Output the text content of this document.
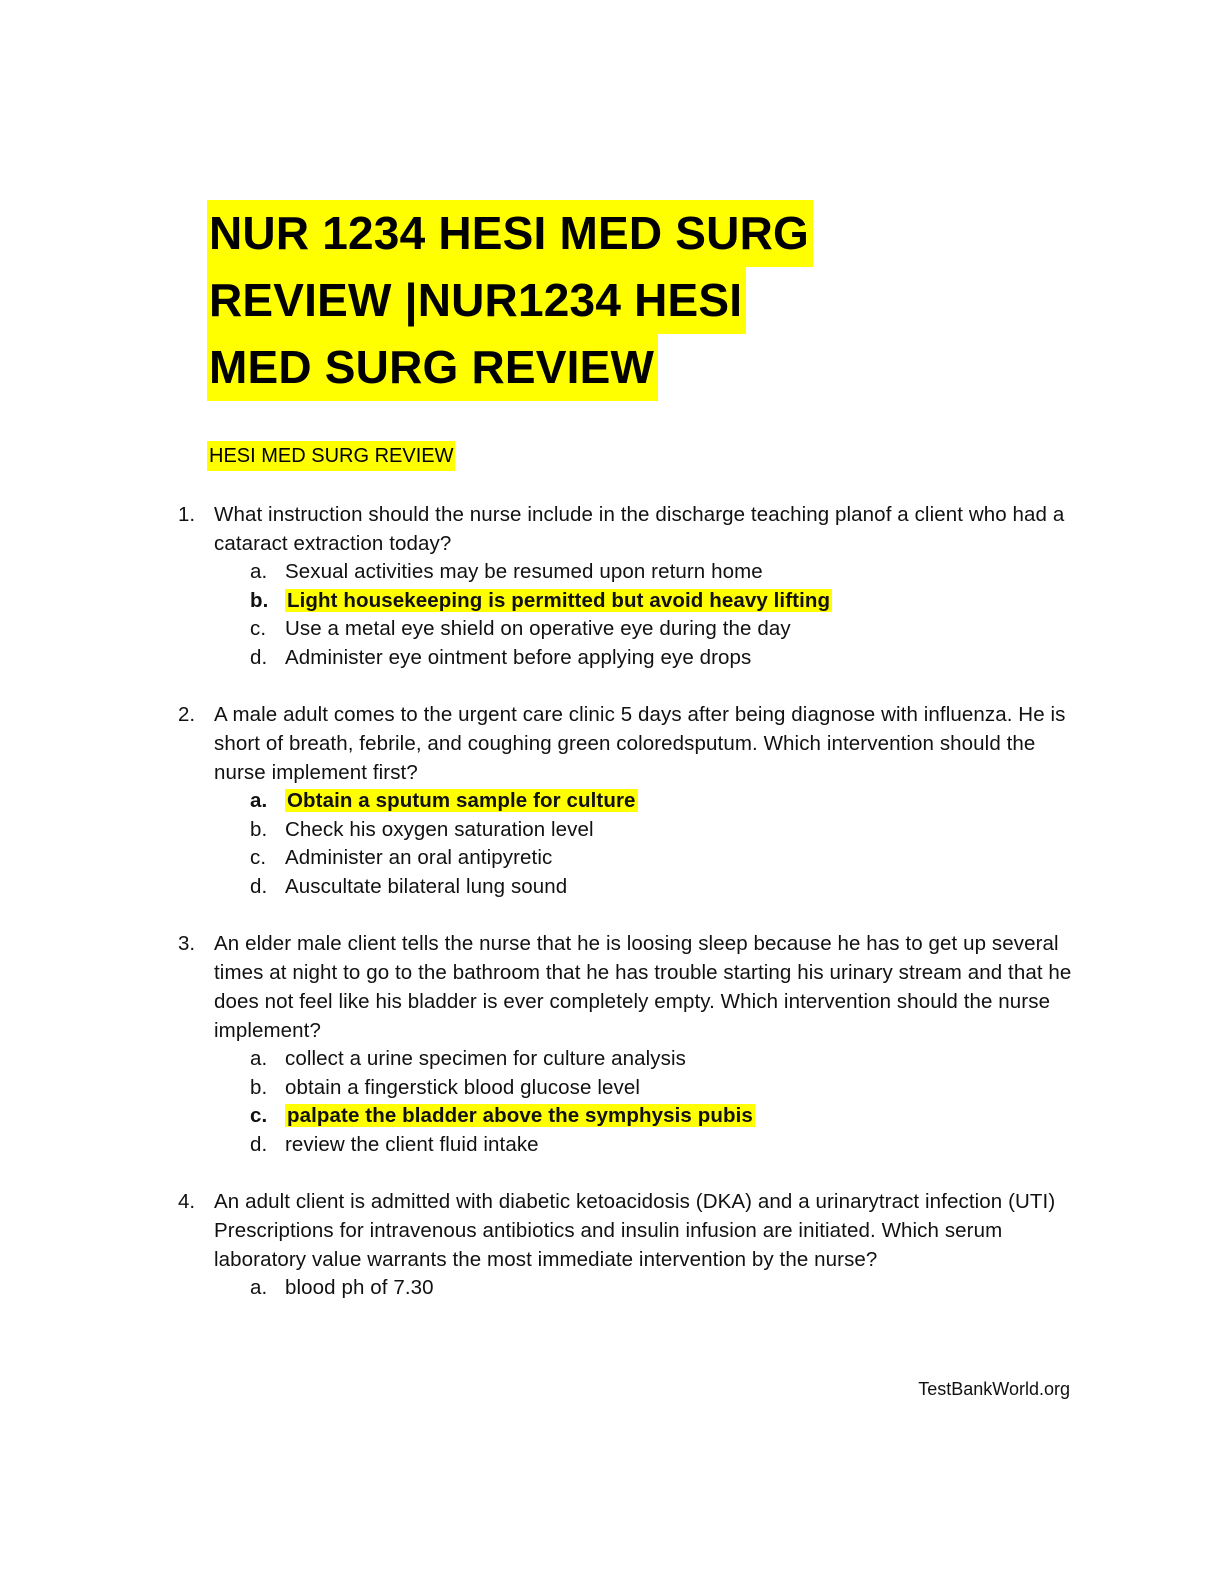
NUR 1234 HESI MED SURG
REVIEW |NUR1234 HESI
MED SURG REVIEW
HESI MED SURG REVIEW
1. What instruction should the nurse include in the discharge teaching planof a client who had a cataract extraction today?
a. Sexual activities may be resumed upon return home
b. Light housekeeping is permitted but avoid heavy lifting
c. Use a metal eye shield on operative eye during the day
d. Administer eye ointment before applying eye drops
2. A male adult comes to the urgent care clinic 5 days after being diagnose with influenza. He is short of breath, febrile, and coughing green coloredsputum. Which intervention should the nurse implement first?
a. Obtain a sputum sample for culture
b. Check his oxygen saturation level
c. Administer an oral antipyretic
d. Auscultate bilateral lung sound
3. An elder male client tells the nurse that he is loosing sleep because he has to get up several times at night to go to the bathroom that he has trouble starting his urinary stream and that he does not feel like his bladder is ever completely empty. Which intervention should the nurse implement?
a. collect a urine specimen for culture analysis
b. obtain a fingerstick blood glucose level
c. palpate the bladder above the symphysis pubis
d. review the client fluid intake
4. An adult client is admitted with diabetic ketoacidosis (DKA) and a urinarytract infection (UTI) Prescriptions for intravenous antibiotics and insulin infusion are initiated. Which serum laboratory value warrants the most immediate intervention by the nurse?
a. blood ph of 7.30
TestBankWorld.org
